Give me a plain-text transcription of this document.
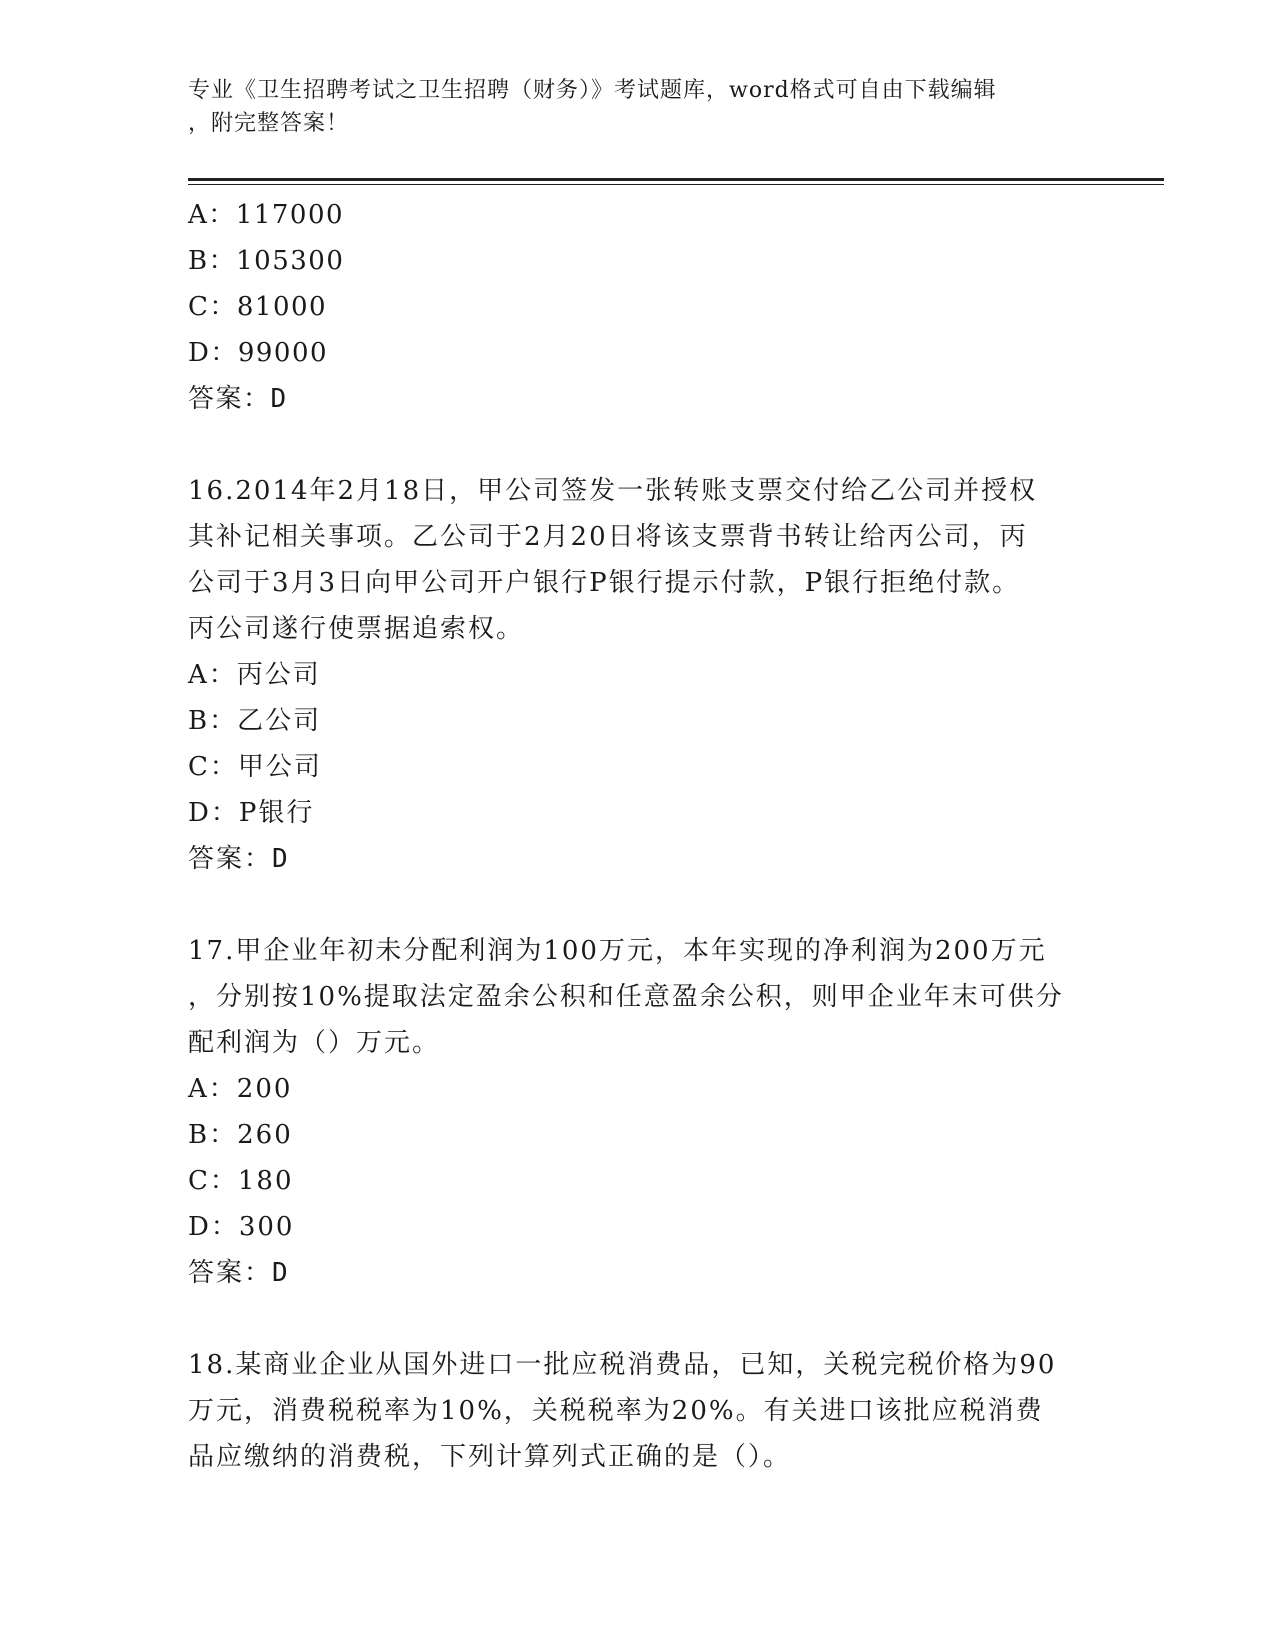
专业《卫生招聘考试之卫生招聘（财务）》考试题库，word格式可自由下载编辑
，附完整答案！
A：117000
B：105300
C：81000
D：99000
答案：D
16.2014年2月18日，甲公司签发一张转账支票交付给乙公司并授权
其补记相关事项。乙公司于2月20日将该支票背书转让给丙公司，丙
公司于3月3日向甲公司开户银行P银行提示付款，P银行拒绝付款。
丙公司遂行使票据追索权。
A：丙公司
B：乙公司
C：甲公司
D：P银行
答案：D
17.甲企业年初未分配利润为100万元，本年实现的净利润为200万元
，分别按10%提取法定盈余公积和任意盈余公积，则甲企业年末可供分
配利润为（）万元。
A：200
B：260
C：180
D：300
答案：D
18.某商业企业从国外进口一批应税消费品，已知，关税完税价格为90
万元，消费税税率为10%，关税税率为20%。有关进口该批应税消费
品应缴纳的消费税，下列计算列式正确的是（）。
